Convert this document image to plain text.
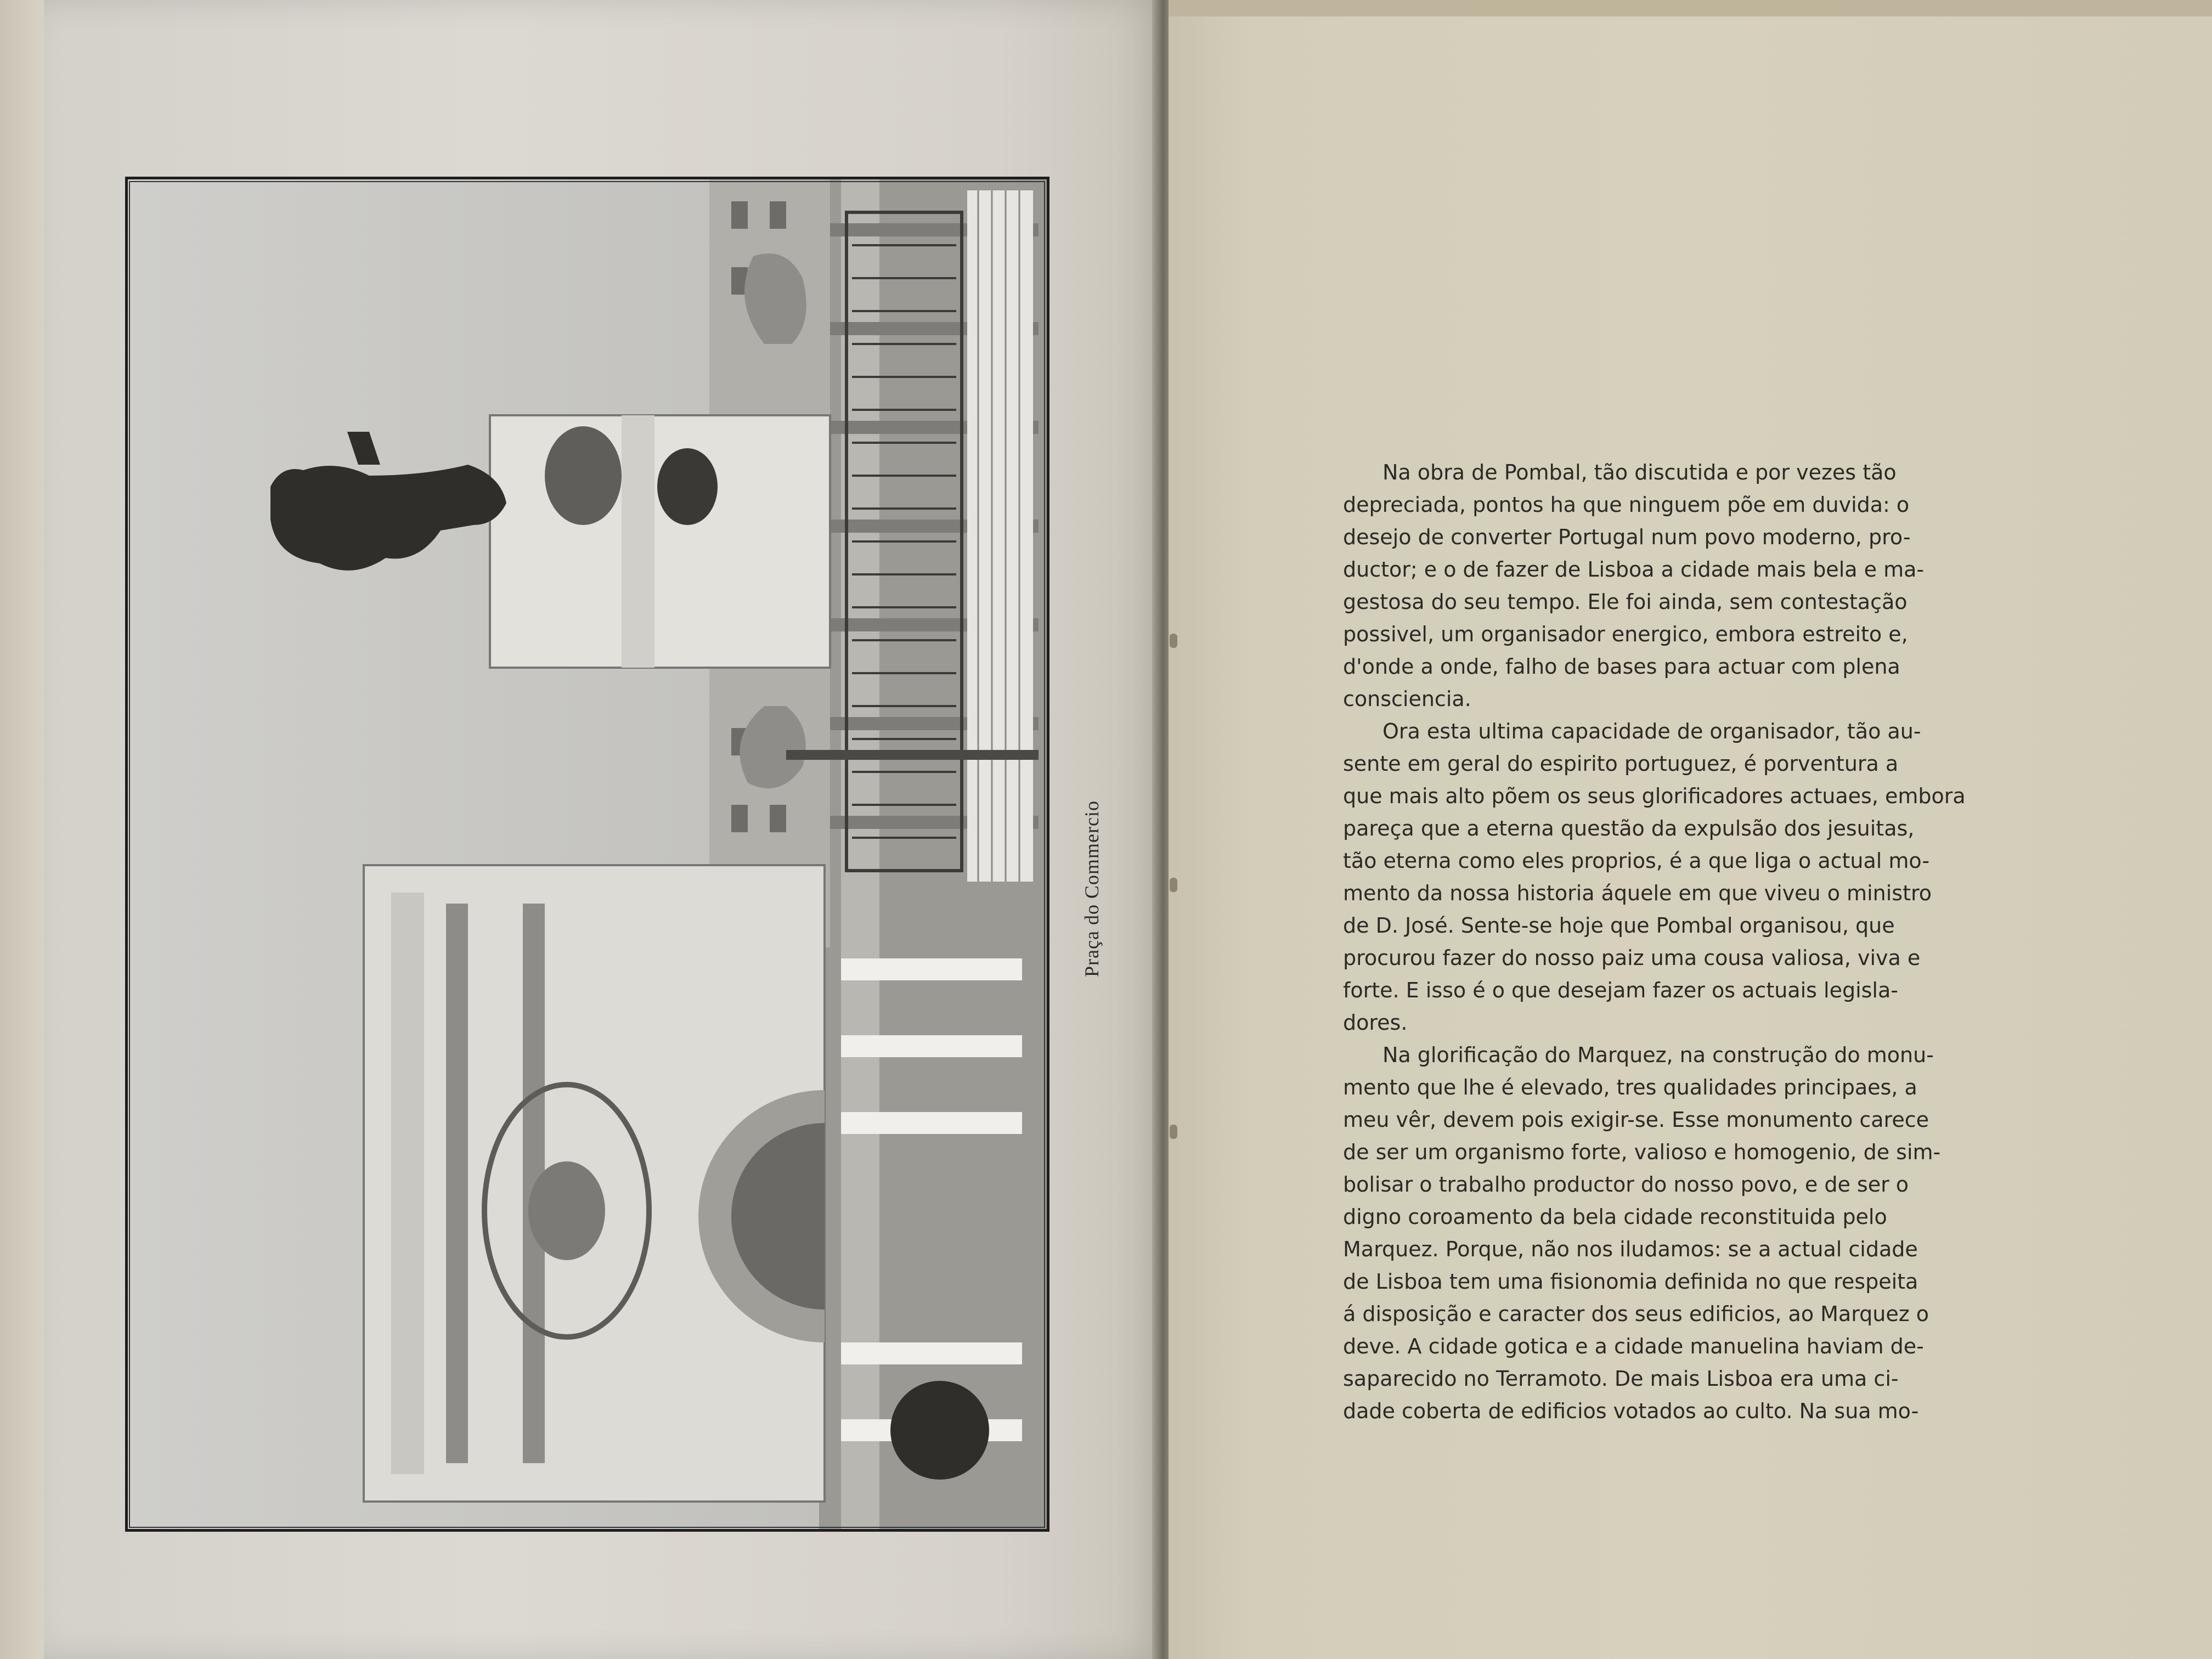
Praça do Commercio
Na obra de Pombal, tão discutida e por vezes tão
depreciada, pontos ha que ninguem põe em duvida: o
desejo de converter Portugal num povo moderno, pro-
ductor; e o de fazer de Lisboa a cidade mais bela e ma-
gestosa do seu tempo. Ele foi ainda, sem contestação
possivel, um organisador energico, embora estreito e,
d'onde a onde, falho de bases para actuar com plena
consciencia.
Ora esta ultima capacidade de organisador, tão au-
sente em geral do espirito portuguez, é porventura a
que mais alto põem os seus glorificadores actuaes, embora
pareça que a eterna questão da expulsão dos jesuitas,
tão eterna como eles proprios, é a que liga o actual mo-
mento da nossa historia áquele em que viveu o ministro
de D. José. Sente-se hoje que Pombal organisou, que
procurou fazer do nosso paiz uma cousa valiosa, viva e
forte. E isso é o que desejam fazer os actuais legisla-
dores.
Na glorificação do Marquez, na construção do monu-
mento que lhe é elevado, tres qualidades principaes, a
meu vêr, devem pois exigir-se. Esse monumento carece
de ser um organismo forte, valioso e homogenio, de sim-
bolisar o trabalho productor do nosso povo, e de ser o
digno coroamento da bela cidade reconstituida pelo
Marquez. Porque, não nos iludamos: se a actual cidade
de Lisboa tem uma fisionomia definida no que respeita
á disposição e caracter dos seus edificios, ao Marquez o
deve. A cidade gotica e a cidade manuelina haviam de-
saparecido no Terramoto. De mais Lisboa era uma ci-
dade coberta de edificios votados ao culto. Na sua mo-
